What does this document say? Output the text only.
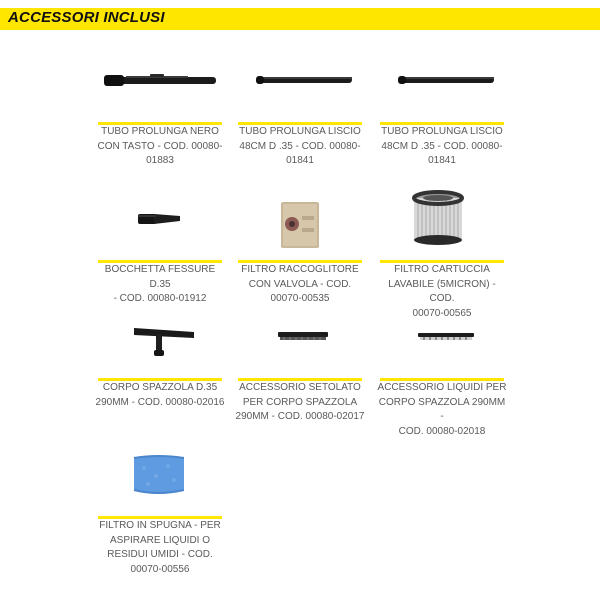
ACCESSORI INCLUSI
TUBO PROLUNGA NERO
CON TASTO - COD. 00080-
01883
TUBO PROLUNGA LISCIO
48CM D .35 - COD. 00080-
01841
TUBO PROLUNGA LISCIO
48CM D .35 - COD. 00080-
01841
BOCCHETTA FESSURE D.35
- COD. 00080-01912
FILTRO RACCOGLITORE
CON VALVOLA - COD.
00070-00535
FILTRO CARTUCCIA
LAVABILE (5MICRON) - COD.
00070-00565
CORPO SPAZZOLA D.35
290MM - COD. 00080-02016
ACCESSORIO SETOLATO
PER CORPO SPAZZOLA
290MM - COD. 00080-02017
ACCESSORIO LIQUIDI PER
CORPO SPAZZOLA 290MM -
COD. 00080-02018
FILTRO IN SPUGNA - PER
ASPIRARE LIQUIDI O
RESIDUI UMIDI - COD.
00070-00556
